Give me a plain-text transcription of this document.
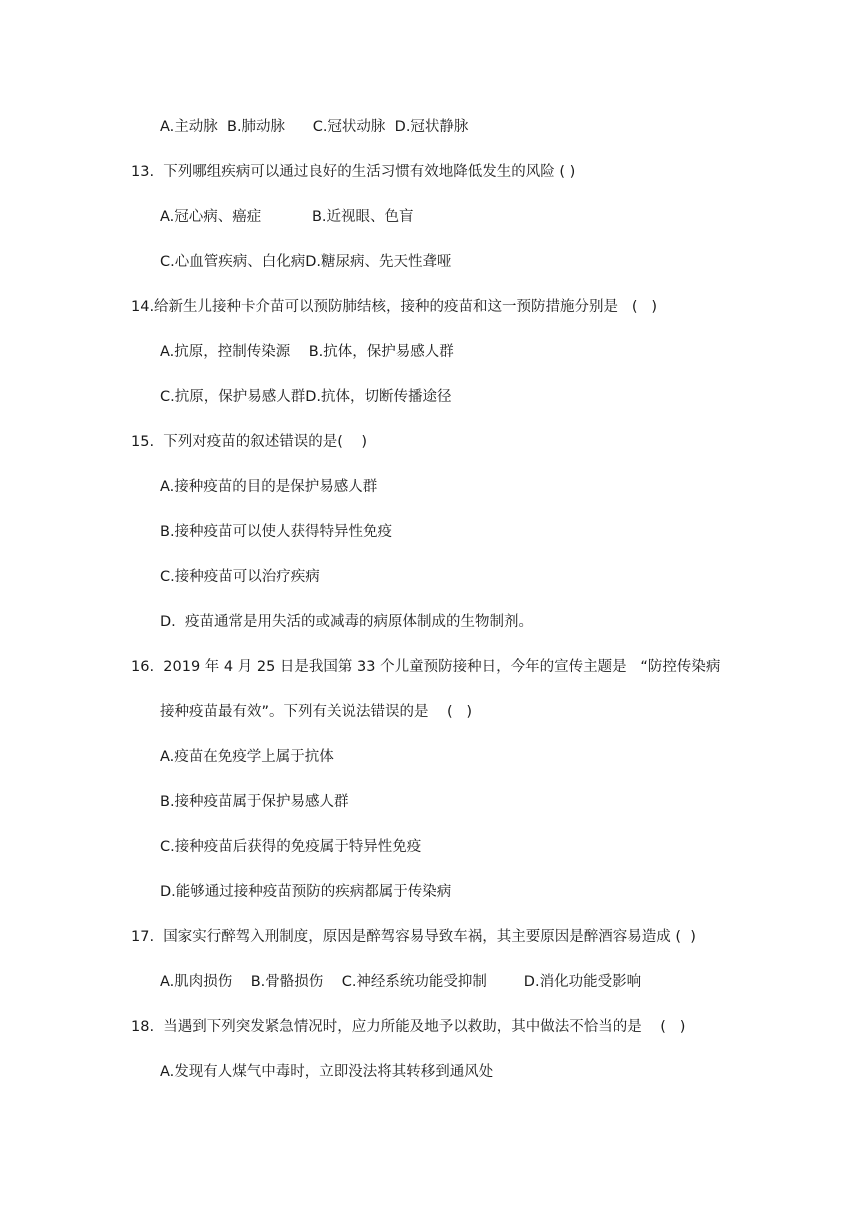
A.主动脉  B.肺动脉      C.冠状动脉  D.冠状静脉
13.  下列哪组疾病可以通过良好的生活习惯有效地降低发生的风险 ( )
A.冠心病、癌症           B.近视眼、色盲
C.心血管疾病、白化病D.糖尿病、先天性聋哑
14.给新生儿接种卡介苗可以预防肺结核，接种的疫苗和这一预防措施分别是   (   )
A.抗原，控制传染源    B.抗体，保护易感人群
C.抗原，保护易感人群D.抗体，切断传播途径
15.  下列对疫苗的叙述错误的是(    )
A.接种疫苗的目的是保护易感人群
B.接种疫苗可以使人获得特异性免疫
C.接种疫苗可以治疗疾病
D.  疫苗通常是用失活的或减毒的病原体制成的生物制剂。
16.  2019 年 4 月 25 日是我国第 33 个儿童预防接种日，今年的宣传主题是   “防控传染病
接种疫苗最有效”。下列有关说法错误的是    (   )
A.疫苗在免疫学上属于抗体
B.接种疫苗属于保护易感人群
C.接种疫苗后获得的免疫属于特异性免疫
D.能够通过接种疫苗预防的疾病都属于传染病
17.  国家实行醉驾入刑制度，原因是醉驾容易导致车祸，其主要原因是醉酒容易造成 (  )
A.肌肉损伤    B.骨骼损伤    C.神经系统功能受抑制        D.消化功能受影响
18.  当遇到下列突发紧急情况时，应力所能及地予以救助，其中做法不恰当的是    (   )
A.发现有人煤气中毒时，立即没法将其转移到通风处
